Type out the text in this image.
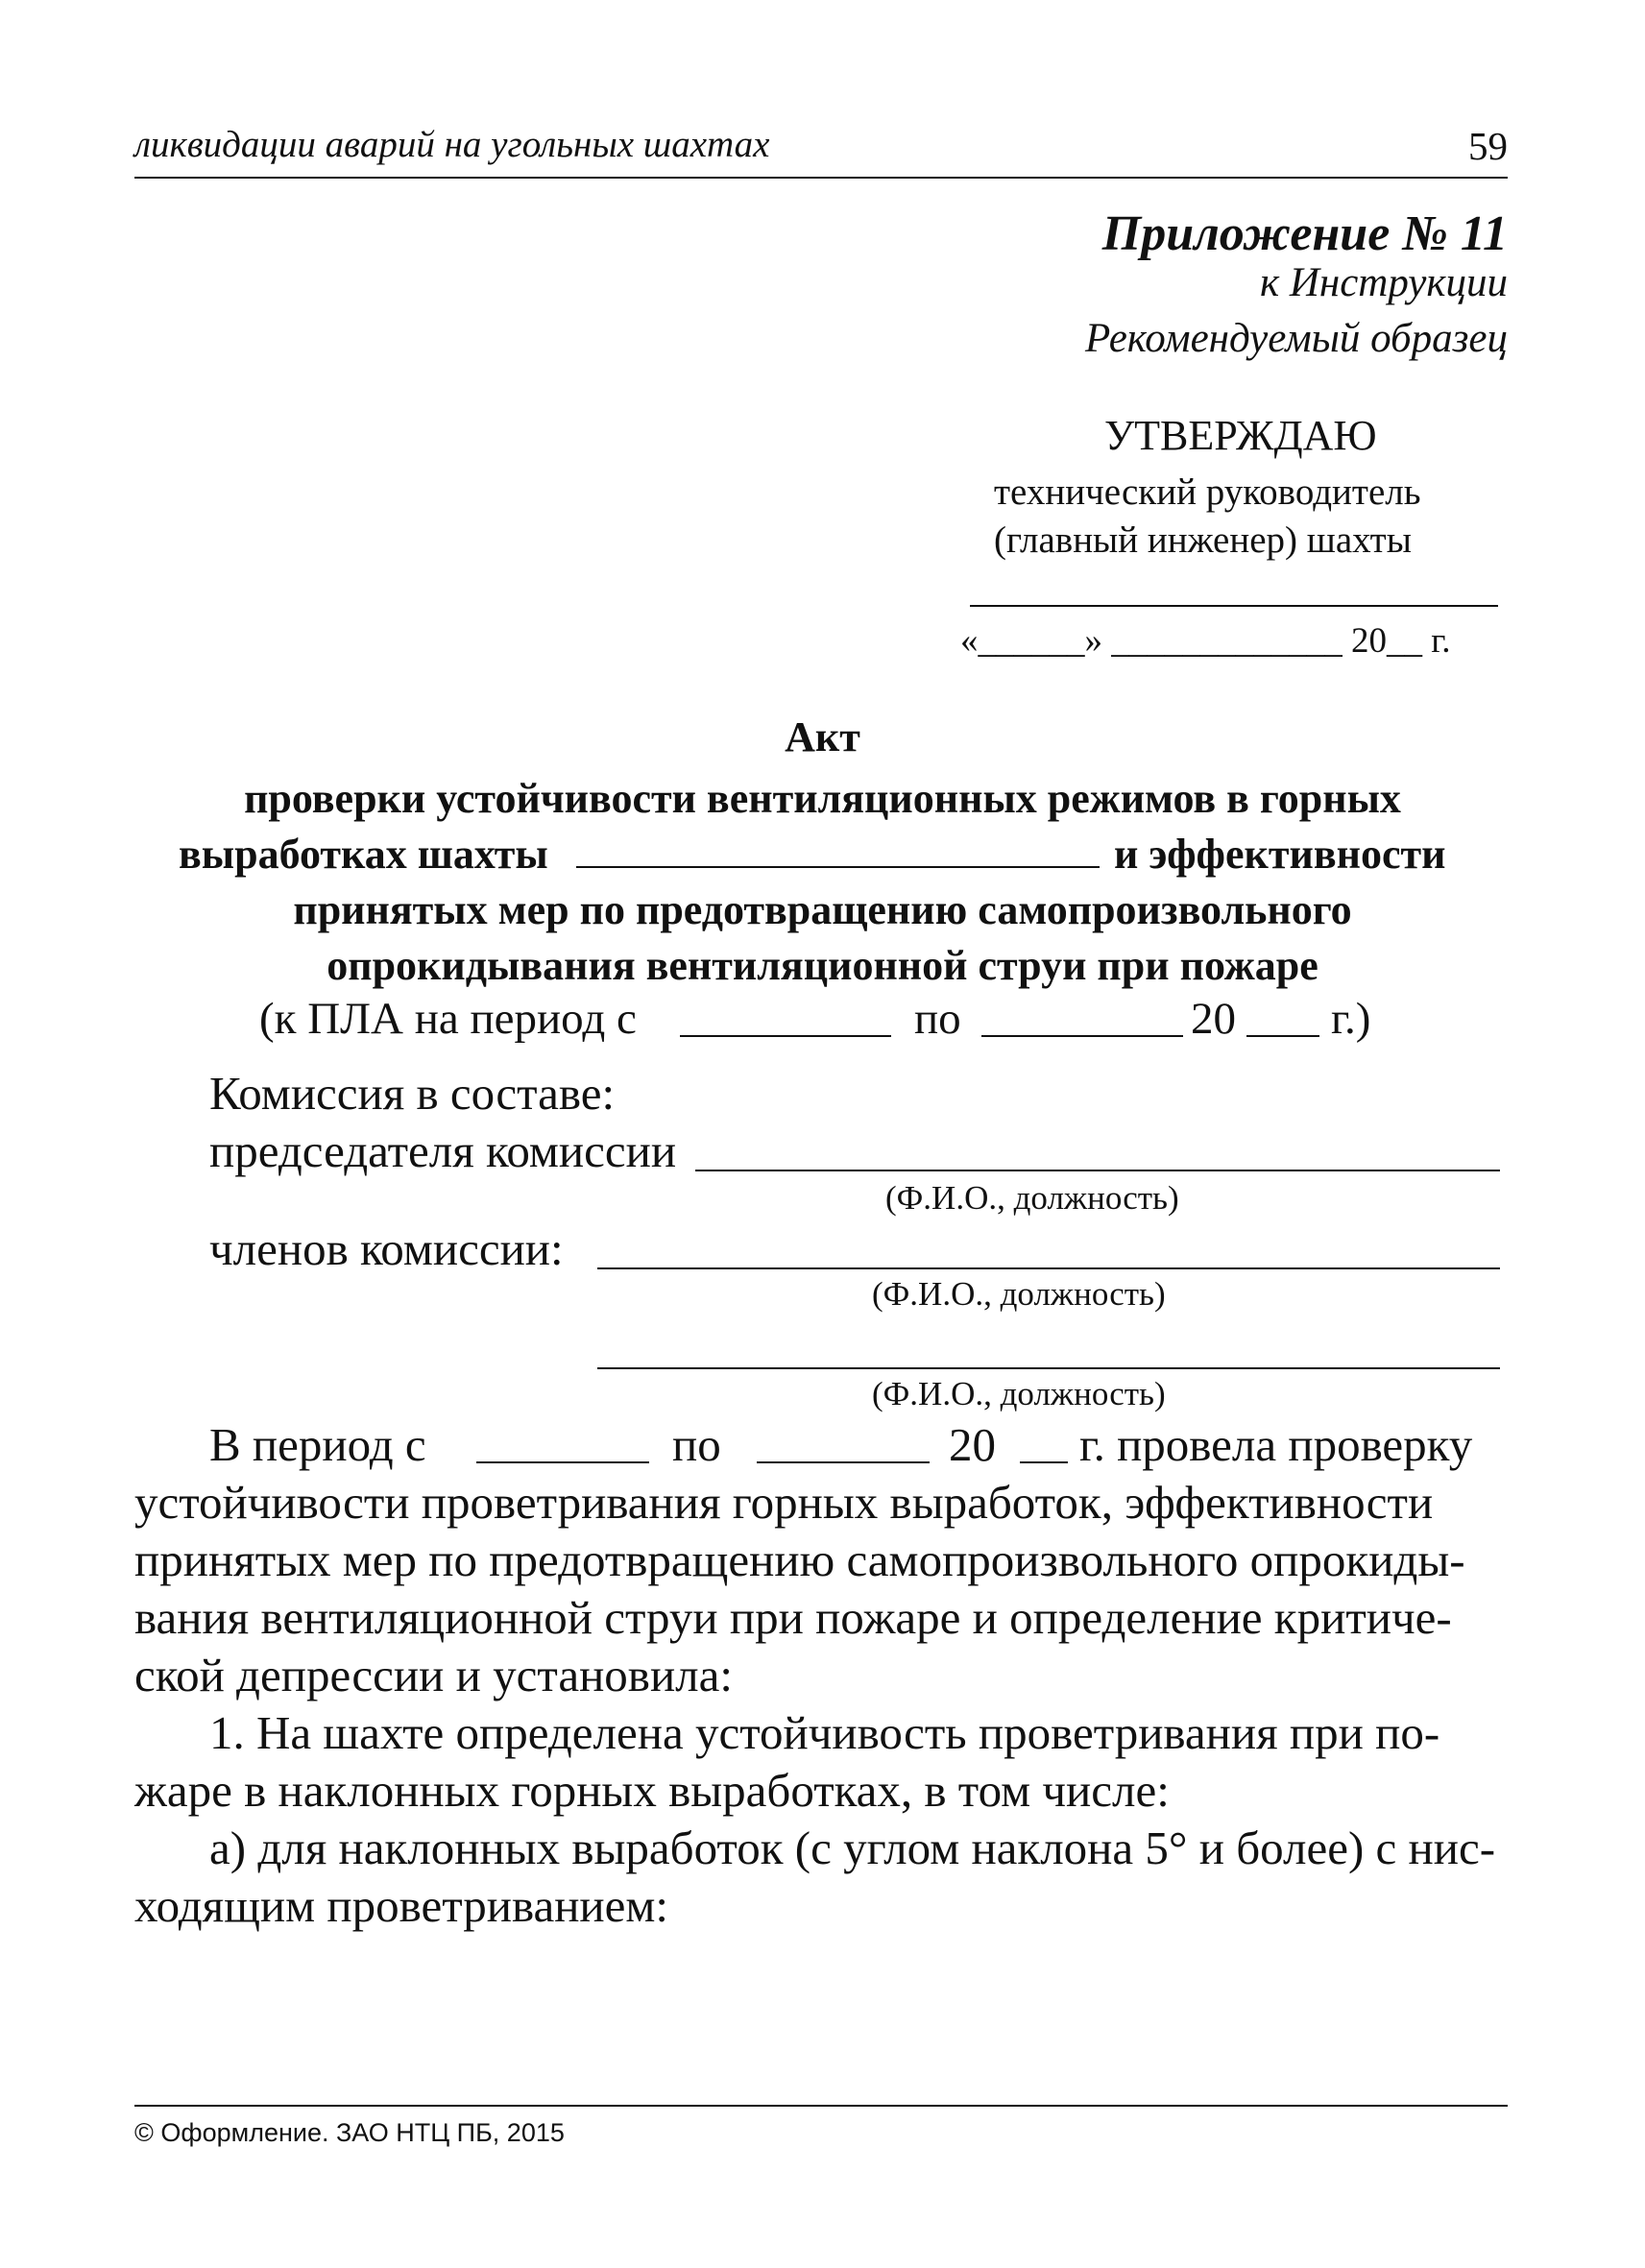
ликвидации аварий на угольных шахтах	59
Приложение № 11
к Инструкции
Рекомендуемый образец
УТВЕРЖДАЮ
технический руководитель
(главный инженер) шахты
«______» _____________ 20__ г.
Акт
проверки устойчивости вентиляционных режимов в горных
выработках шахты	и эффективности
принятых мер по предотвращению самопроизвольного
опрокидывания вентиляционной струи при пожаре
(к ПЛА на период с	по	20 г.)
Комиссия в составе:
председателя комиссии
(Ф.И.О., должность)
членов комиссии:
(Ф.И.О., должность)
(Ф.И.О., должность)
В период с	по	20 г. провела проверку
устойчивости проветривания горных выработок, эффективности
принятых мер по предотвращению самопроизвольного опрокиды-
вания вентиляционной струи при пожаре и определение критиче-
ской депрессии и установила:
1. На шахте определена устойчивость проветривания при по-
жаре в наклонных горных выработках, в том числе:
а) для наклонных выработок (с углом наклона 5° и более) с нис-
ходящим проветриванием:
© Оформление. ЗАО НТЦ ПБ, 2015
